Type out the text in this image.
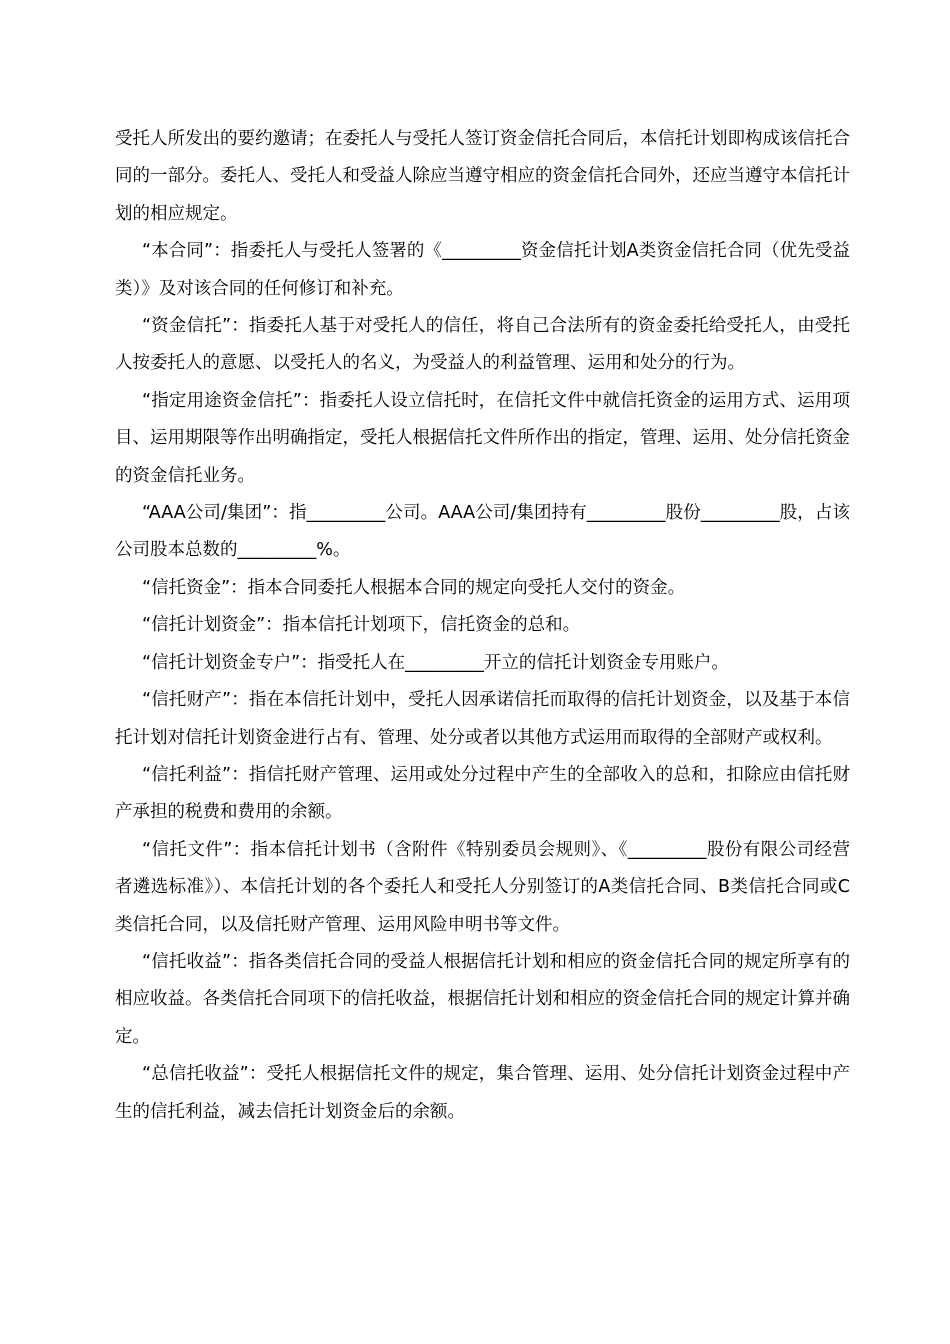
受托人所发出的要约邀请；在委托人与受托人签订资金信托合同后，本信托计划即构成该信托合同的一部分。委托人、受托人和受益人除应当遵守相应的资金信托合同外，还应当遵守本信托计划的相应规定。

“本合同”：指委托人与受托人签署的《_________资金信托计划A类资金信托合同（优先受益类）》及对该合同的任何修订和补充。

“资金信托”：指委托人基于对受托人的信任，将自己合法所有的资金委托给受托人，由受托人按委托人的意愿、以受托人的名义，为受益人的利益管理、运用和处分的行为。

“指定用途资金信托”：指委托人设立信托时，在信托文件中就信托资金的运用方式、运用项目、运用期限等作出明确指定，受托人根据信托文件所作出的指定，管理、运用、处分信托资金的资金信托业务。

“AAA公司/集团”：指_________公司。AAA公司/集团持有_________股份_________股，占该公司股本总数的_________%。

“信托资金”：指本合同委托人根据本合同的规定向受托人交付的资金。

“信托计划资金”：指本信托计划项下，信托资金的总和。

“信托计划资金专户”：指受托人在_________开立的信托计划资金专用账户。

“信托财产”：指在本信托计划中，受托人因承诺信托而取得的信托计划资金，以及基于本信托计划对信托计划资金进行占有、管理、处分或者以其他方式运用而取得的全部财产或权利。

“信托利益”：指信托财产管理、运用或处分过程中产生的全部收入的总和，扣除应由信托财产承担的税费和费用的余额。

“信托文件”：指本信托计划书（含附件《特别委员会规则》、《_________股份有限公司经营者遴选标准》）、本信托计划的各个委托人和受托人分别签订的A类信托合同、B类信托合同或C类信托合同，以及信托财产管理、运用风险申明书等文件。

“信托收益”：指各类信托合同的受益人根据信托计划和相应的资金信托合同的规定所享有的相应收益。各类信托合同项下的信托收益，根据信托计划和相应的资金信托合同的规定计算并确定。

“总信托收益”：受托人根据信托文件的规定，集合管理、运用、处分信托计划资金过程中产生的信托利益，减去信托计划资金后的余额。
